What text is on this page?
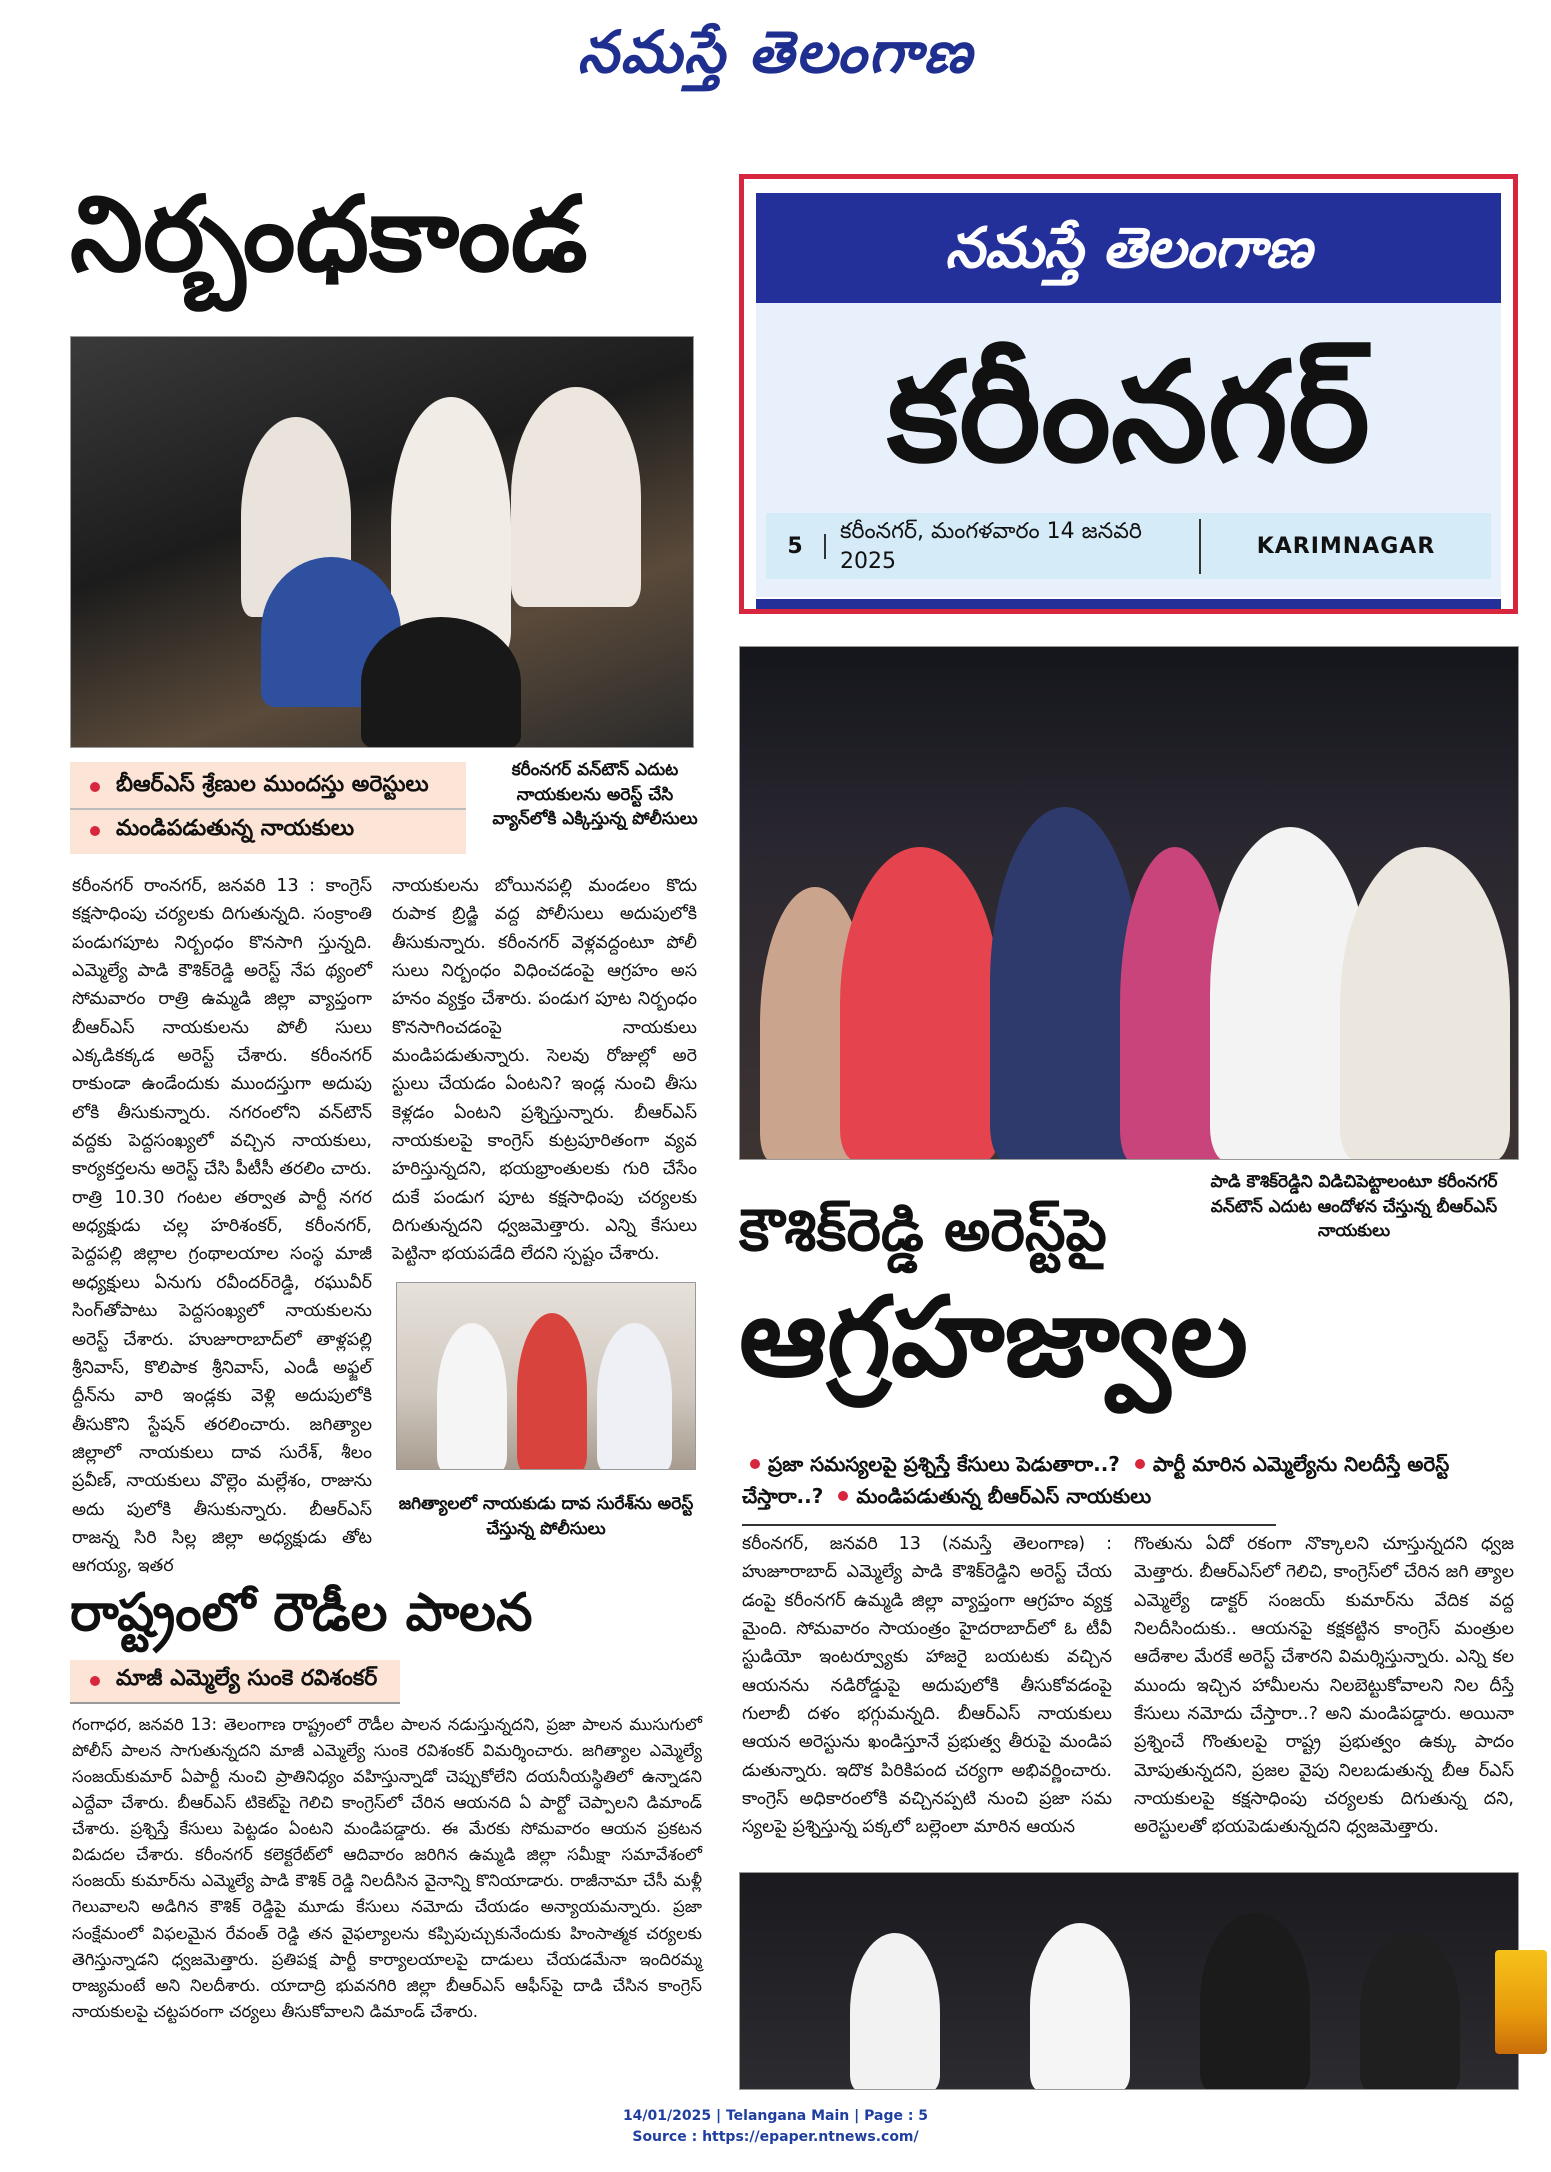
నమస్తే తెలంగాణ
నిర్బంధకాండ
బీఆర్‌ఎస్ శ్రేణుల ముందస్తు అరెస్టులు
మండిపడుతున్న నాయకులు
కరీంనగర్ వన్‌టౌన్ ఎదుట నాయకులను అరెస్ట్ చేసి వ్యాన్‌లోకి ఎక్కిస్తున్న పోలీసులు
కరీంనగర్ రాంనగర్, జనవరి 13 : కాంగ్రెస్ కక్షసాధింపు చర్యలకు దిగుతున్నది. సంక్రాంతి పండుగపూట నిర్బంధం కొనసాగి స్తున్నది. ఎమ్మెల్యే పాడి కౌశిక్‌రెడ్డి అరెస్ట్ నేప థ్యంలో సోమవారం రాత్రి ఉమ్మడి జిల్లా వ్యాప్తంగా బీఆర్‌ఎస్ నాయకులను పోలీ సులు ఎక్కడికక్కడ అరెస్ట్ చేశారు. కరీంనగర్ రాకుండా ఉండేందుకు ముందస్తుగా అదుపు లోకి తీసుకున్నారు. నగరంలోని వన్‌టౌన్ వద్దకు పెద్దసంఖ్యలో వచ్చిన నాయకులు, కార్యకర్తలను అరెస్ట్ చేసి పీటీసీ తరలిం చారు. రాత్రి 10.30 గంటల తర్వాత పార్టీ నగర అధ్యక్షుడు చల్ల హరిశంకర్, కరీంనగర్, పెద్దపల్లి జిల్లాల గ్రంథాలయాల సంస్థ మాజీ అధ్యక్షులు ఏనుగు రవీందర్‌రెడ్డి, రఘువీర్ సింగ్‌తోపాటు పెద్దసంఖ్యలో నాయకులను అరెస్ట్ చేశారు. హుజూరాబాద్‌లో తాళ్లపల్లి శ్రీనివాస్, కొలిపాక శ్రీనివాస్, ఎండీ అఫ్జల్ ద్దీన్‌ను వారి ఇండ్లకు వెళ్లి అదుపులోకి తీసుకొని స్టేషన్ తరలించారు. జగిత్యాల జిల్లాలో నాయకులు దావ సురేశ్, శీలం ప్రవీణ్, నాయకులు వొల్లెం మల్లేశం, రాజును అదు పులోకి తీసుకున్నారు. బీఆర్‌ఎస్ రాజన్న సిరి సిల్ల జిల్లా అధ్యక్షుడు తోట ఆగయ్య, ఇతర
నాయకులను బోయినపల్లి మండలం కొదు రుపాక బ్రిడ్జి వద్ద పోలీసులు అదుపులోకి తీసుకున్నారు. కరీంనగర్ వెళ్లవద్దంటూ పోలీ సులు నిర్బంధం విధించడంపై ఆగ్రహం అస హనం వ్యక్తం చేశారు. పండుగ పూట నిర్బంధం కొనసాగించడంపై నాయకులు మండిపడుతున్నారు. సెలవు రోజుల్లో అరె స్టులు చేయడం ఏంటని? ఇండ్ల నుంచి తీసు కెళ్లడం ఏంటని ప్రశ్నిస్తున్నారు. బీఆర్‌ఎస్ నాయకులపై కాంగ్రెస్ కుట్రపూరితంగా వ్యవ హరిస్తున్నదని, భయభ్రాంతులకు గురి చేసేం దుకే పండుగ పూట కక్షసాధింపు చర్యలకు దిగుతున్నదని ధ్వజమెత్తారు. ఎన్ని కేసులు పెట్టినా భయపడేది లేదని స్పష్టం చేశారు.
జగిత్యాలలో నాయకుడు దావ సురేశ్‌ను అరెస్ట్ చేస్తున్న పోలీసులు
నమస్తే తెలంగాణ
కరీంనగర్
5
కరీంనగర్, మంగళవారం 14 జనవరి 2025
KARIMNAGAR
పాడి కౌశిక్‌రెడ్డిని విడిచిపెట్టాలంటూ కరీంనగర్ వన్‌టౌన్ ఎదుట ఆందోళన చేస్తున్న బీఆర్‌ఎస్ నాయకులు
కౌశిక్‌రెడ్డి అరెస్ట్‌పై
ఆగ్రహజ్వాల
ప్రజా సమస్యలపై ప్రశ్నిస్తే కేసులు పెడుతారా..? పార్టీ మారిన ఎమ్మెల్యేను నిలదీస్తే అరెస్ట్ చేస్తారా..? మండిపడుతున్న బీఆర్‌ఎస్ నాయకులు
కరీంనగర్, జనవరి 13 (నమస్తే తెలంగాణ) : హుజూరాబాద్ ఎమ్మెల్యే పాడి కౌశిక్‌రెడ్డిని అరెస్ట్ చేయ డంపై కరీంనగర్ ఉమ్మడి జిల్లా వ్యాప్తంగా ఆగ్రహం వ్యక్త మైంది. సోమవారం సాయంత్రం హైదరాబాద్‌లో ఓ టీవీ స్టుడియో ఇంటర్వ్యూకు హాజరై బయటకు వచ్చిన ఆయనను నడిరోడ్డుపై అదుపులోకి తీసుకోవడంపై గులాబీ దళం భగ్గుమన్నది. బీఆర్‌ఎస్ నాయకులు ఆయన అరెస్టును ఖండిస్తూనే ప్రభుత్వ తీరుపై మండిప డుతున్నారు. ఇదొక పిరికిపంద చర్యగా అభివర్ణించారు. కాంగ్రెస్ అధికారంలోకి వచ్చినప్పటి నుంచి ప్రజా సమ స్యలపై ప్రశ్నిస్తున్న పక్కలో బల్లెంలా మారిన ఆయన
గొంతును ఏదో రకంగా నొక్కాలని చూస్తున్నదని ధ్వజ మెత్తారు. బీఆర్‌ఎస్‌లో గెలిచి, కాంగ్రెస్‌లో చేరిన జగి త్యాల ఎమ్మెల్యే డాక్టర్ సంజయ్ కుమార్‌ను వేదిక వద్ద నిలదీసిందుకు.. ఆయనపై కక్షకట్టిన కాంగ్రెస్ మంత్రుల ఆదేశాల మేరకే అరెస్ట్ చేశారని విమర్శిస్తున్నారు. ఎన్ని కల ముందు ఇచ్చిన హామీలను నిలబెట్టుకోవాలని నిల దీస్తే కేసులు నమోదు చేస్తారా..? అని మండిపడ్డారు. అయినా ప్రశ్నించే గొంతులపై రాష్ట్ర ప్రభుత్వం ఉక్కు పాదం మోపుతున్నదని, ప్రజల వైపు నిలబడుతున్న బీఆ ర్‌ఎస్ నాయకులపై కక్షసాధింపు చర్యలకు దిగుతున్న దని, అరెస్టులతో భయపెడుతున్నదని ధ్వజమెత్తారు.
రాష్ట్రంలో రౌడీల పాలన
మాజీ ఎమ్మెల్యే సుంకె రవిశంకర్
గంగాధర, జనవరి 13: తెలంగాణ రాష్ట్రంలో రౌడీల పాలన నడుస్తున్నదని, ప్రజా పాలన ముసుగులో పోలీస్ పాలన సాగుతున్నదని మాజీ ఎమ్మెల్యే సుంకె రవిశంకర్ విమర్శించారు. జగిత్యాల ఎమ్మెల్యే సంజయ్‌కుమార్ ఏపార్టీ నుంచి ప్రాతినిధ్యం వహిస్తున్నాడో చెప్పుకోలేని దయనీయస్థితిలో ఉన్నాడని ఎద్దేవా చేశారు. బీఆర్‌ఎస్ టికెట్‌పై గెలిచి కాంగ్రెస్‌లో చేరిన ఆయనది ఏ పార్టో చెప్పాలని డిమాండ్ చేశారు. ప్రశ్నిస్తే కేసులు పెట్టడం ఏంటని మండిపడ్డారు. ఈ మేరకు సోమవారం ఆయన ప్రకటన విడుదల చేశారు. కరీంనగర్ కలెక్టరేట్‌లో ఆదివారం జరిగిన ఉమ్మడి జిల్లా సమీక్షా సమావేశంలో సంజయ్ కుమార్‌ను ఎమ్మెల్యే పాడి కౌశిక్ రెడ్డి నిలదీసిన వైనాన్ని కొనియాడారు. రాజీనామా చేసీ మళ్లీ గెలువాలని అడిగిన కౌశిక్ రెడ్డిపై మూడు కేసులు నమోదు చేయడం అన్యాయమన్నారు. ప్రజా సంక్షేమంలో విఫలమైన రేవంత్ రెడ్డి తన వైఫల్యాలను కప్పిపుచ్చుకునేందుకు హింసాత్మక చర్యలకు తెగిస్తున్నాడని ధ్వజమెత్తారు. ప్రతిపక్ష పార్టీ కార్యాలయాలపై దాడులు చేయడమేనా ఇందిరమ్మ రాజ్యమంటే అని నిలదీశారు. యాదాద్రి భువనగిరి జిల్లా బీఆర్‌ఎస్ ఆఫీస్‌పై దాడి చేసిన కాంగ్రెస్ నాయకులపై చట్టపరంగా చర్యలు తీసుకోవాలని డిమాండ్ చేశారు.
14/01/2025 | Telangana Main | Page : 5
Source : https://epaper.ntnews.com/
